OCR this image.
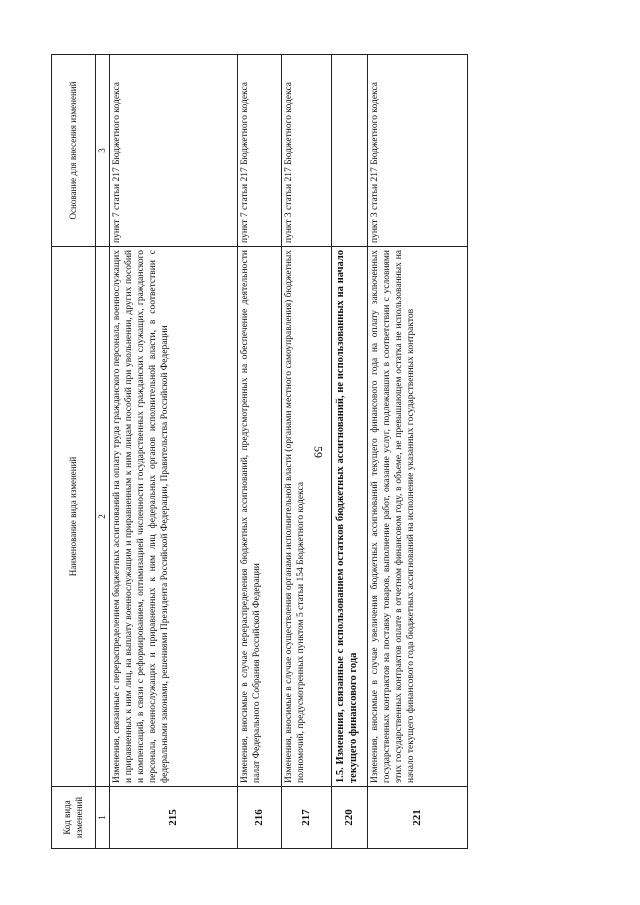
59
Код вида изменений	Наименование вида изменений	Основание для внесения изменений
1	2	3
215	Изменения, связанные с перераспределением бюджетных ассигнований на оплату труда гражданского персонала, военнослужащих и приравненных к ним лиц, на выплату военнослужащим и приравненным к ним лицам пособий при увольнении, других пособий и компенсаций, в связи с реформированием, оптимизацией численности государственных гражданских служащих, гражданского персонала, военнослужащих и приравненных к ним лиц федеральных органов исполнительной власти, в соответствии с федеральными законами, решениями Президента Российской Федерации, Правительства Российской Федерации	пункт 7 статьи 217 Бюджетного кодекса
216	Изменения, вносимые в случае перераспределения бюджетных ассигнований, предусмотренных на обеспечение деятельности палат Федерального Собрания Российской Федерации	пункт 7 статьи 217 Бюджетного кодекса
217	Изменения, вносимые в случае осуществления органами исполнительной власти (органами местного самоуправления) бюджетных полномочий, предусмотренных пунктом 5 статьи 154 Бюджетного кодекса	пункт 3 статьи 217 Бюджетного кодекса
220	1.5. Изменения, связанные с использованием остатков бюджетных ассигнований, не использованных на начало текущего финансового года	
221	Изменения, вносимые в случае увеличения бюджетных ассигнований текущего финансового года на оплату заключенных государственных контрактов на поставку товаров, выполнение работ, оказание услуг, подлежавших в соответствии с условиями этих государственных контрактов оплате в отчетном финансовом году, в объеме, не превышающем остатка не использованных на начало текущего финансового года бюджетных ассигнований на исполнение указанных государственных контрактов	пункт 3 статьи 217 Бюджетного кодекса
